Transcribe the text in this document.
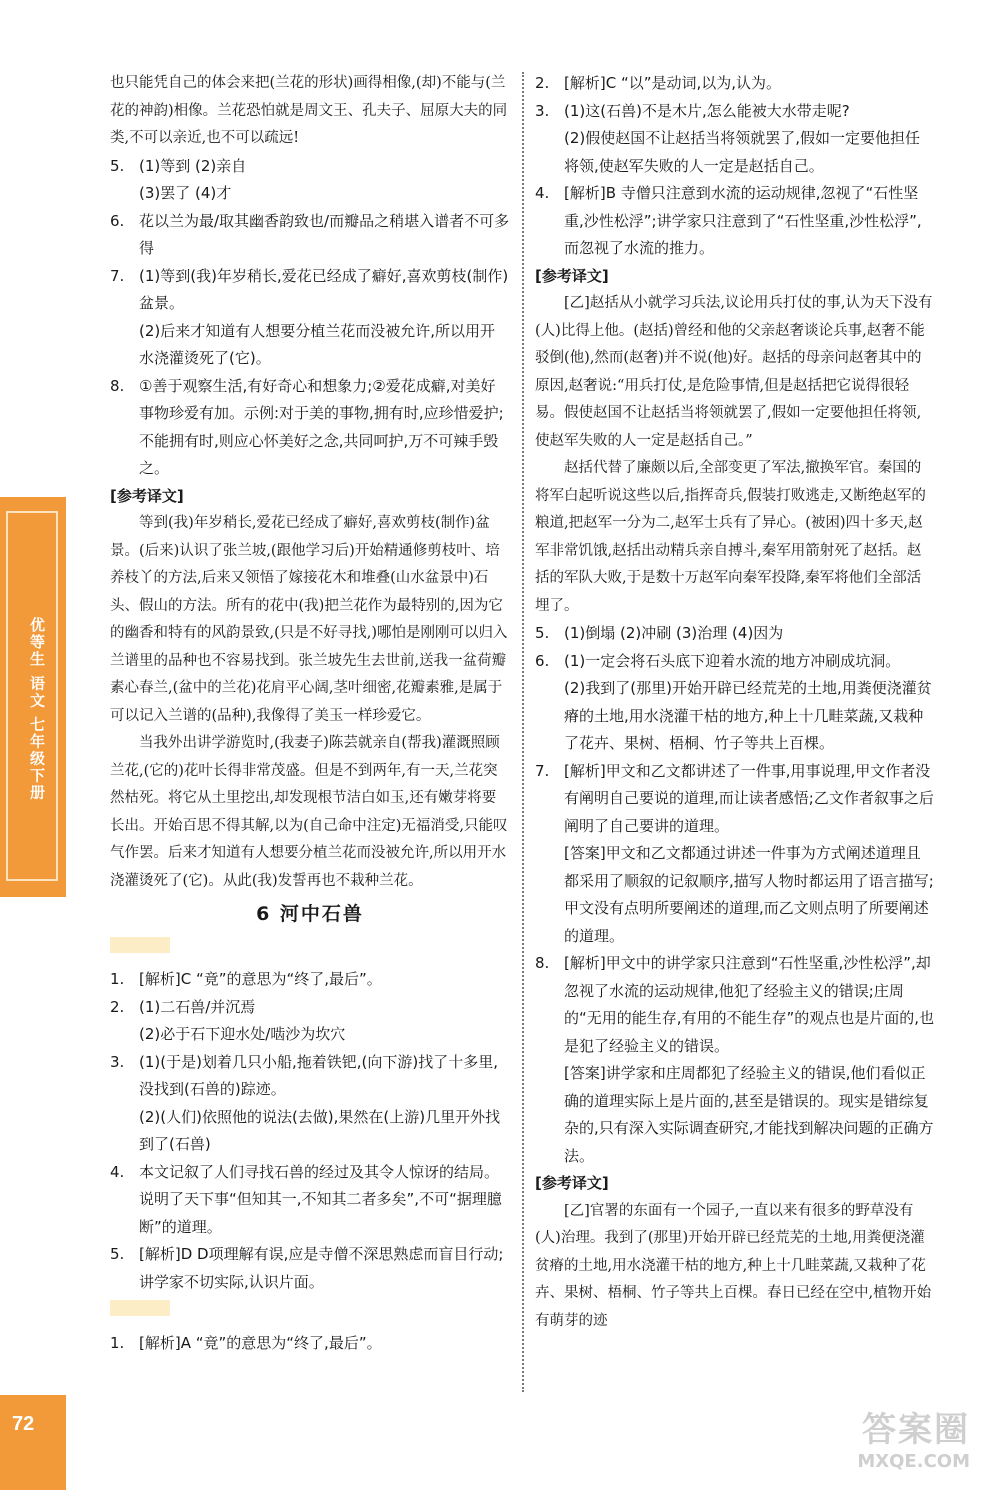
优等生 语文 七年级下册
72

也只能凭自己的体会来把(兰花的形状)画得相像,(却)不能与(兰花的神韵)相像。兰花恐怕就是周文王、孔夫子、屈原大夫的同类,不可以亲近,也不可以疏远!

5. (1)等到 (2)亲自

(3)罢了 (4)才

6. 花以兰为最/取其幽香韵致也/而瓣品之稍堪入谱者不可多得

7. (1)等到(我)年岁稍长,爱花已经成了癖好,喜欢剪枝(制作)盆景。

(2)后来才知道有人想要分植兰花而没被允许,所以用开水浇灌烫死了(它)。

8. ①善于观察生活,有好奇心和想象力;②爱花成癖,对美好事物珍爱有加。示例:对于美的事物,拥有时,应珍惜爱护;不能拥有时,则应心怀美好之念,共同呵护,万不可辣手毁之。

[参考译文]

等到(我)年岁稍长,爱花已经成了癖好,喜欢剪枝(制作)盆景。(后来)认识了张兰坡,(跟他学习后)开始精通修剪枝叶、培养枝丫的方法,后来又领悟了嫁接花木和堆叠(山水盆景中)石头、假山的方法。所有的花中(我)把兰花作为最特别的,因为它的幽香和特有的风韵景致,(只是不好寻找,)哪怕是刚刚可以归入兰谱里的品种也不容易找到。张兰坡先生去世前,送我一盆荷瓣素心春兰,(盆中的兰花)花肩平心阔,茎叶细密,花瓣素雅,是属于可以记入兰谱的(品种),我像得了美玉一样珍爱它。

当我外出讲学游览时,(我妻子)陈芸就亲自(帮我)灌溉照顾兰花,(它的)花叶长得非常茂盛。但是不到两年,有一天,兰花突然枯死。将它从土里挖出,却发现根节洁白如玉,还有嫩芽将要长出。开始百思不得其解,以为(自己命中注定)无福消受,只能叹气作罢。后来才知道有人想要分植兰花而没被允许,所以用开水浇灌烫死了(它)。从此(我)发誓再也不栽种兰花。

6 河中石兽

1. [解析]C “竟”的意思为“终了,最后”。

2. (1)二石兽/并沉焉

(2)必于石下迎水处/啮沙为坎穴

3. (1)(于是)划着几只小船,拖着铁钯,(向下游)找了十多里,没找到(石兽的)踪迹。

(2)(人们)依照他的说法(去做),果然在(上游)几里开外找到了(石兽)

4. 本文记叙了人们寻找石兽的经过及其令人惊讶的结局。说明了天下事“但知其一,不知其二者多矣”,不可“据理臆断”的道理。

5. [解析]D D项理解有误,应是寺僧不深思熟虑而盲目行动;讲学家不切实际,认识片面。

1. [解析]A “竟”的意思为“终了,最后”。

2. [解析]C “以”是动词,以为,认为。

3. (1)这(石兽)不是木片,怎么能被大水带走呢?

(2)假使赵国不让赵括当将领就罢了,假如一定要他担任将领,使赵军失败的人一定是赵括自己。

4. [解析]B 寺僧只注意到水流的运动规律,忽视了“石性坚重,沙性松浮”;讲学家只注意到了“石性坚重,沙性松浮”,而忽视了水流的推力。

[参考译文]

[乙]赵括从小就学习兵法,议论用兵打仗的事,认为天下没有(人)比得上他。(赵括)曾经和他的父亲赵奢谈论兵事,赵奢不能驳倒(他),然而(赵奢)并不说(他)好。赵括的母亲问赵奢其中的原因,赵奢说:“用兵打仗,是危险事情,但是赵括把它说得很轻易。假使赵国不让赵括当将领就罢了,假如一定要他担任将领,使赵军失败的人一定是赵括自己。”

赵括代替了廉颇以后,全部变更了军法,撤换军官。秦国的将军白起听说这些以后,指挥奇兵,假装打败逃走,又断绝赵军的粮道,把赵军一分为二,赵军士兵有了异心。(被困)四十多天,赵军非常饥饿,赵括出动精兵亲自搏斗,秦军用箭射死了赵括。赵括的军队大败,于是数十万赵军向秦军投降,秦军将他们全部活埋了。

5. (1)倒塌 (2)冲刷 (3)治理 (4)因为

6. (1)一定会将石头底下迎着水流的地方冲刷成坑洞。

(2)我到了(那里)开始开辟已经荒芜的土地,用粪便浇灌贫瘠的土地,用水浇灌干枯的地方,种上十几畦菜蔬,又栽种了花卉、果树、梧桐、竹子等共上百棵。

7. [解析]甲文和乙文都讲述了一件事,用事说理,甲文作者没有阐明自己要说的道理,而让读者感悟;乙文作者叙事之后阐明了自己要讲的道理。

[答案]甲文和乙文都通过讲述一件事为方式阐述道理且都采用了顺叙的记叙顺序,描写人物时都运用了语言描写;甲文没有点明所要阐述的道理,而乙文则点明了所要阐述的道理。

8. [解析]甲文中的讲学家只注意到“石性坚重,沙性松浮”,却忽视了水流的运动规律,他犯了经验主义的错误;庄周的“无用的能生存,有用的不能生存”的观点也是片面的,也是犯了经验主义的错误。

[答案]讲学家和庄周都犯了经验主义的错误,他们看似正确的道理实际上是片面的,甚至是错误的。现实是错综复杂的,只有深入实际调查研究,才能找到解决问题的正确方法。

[参考译文]

[乙]官署的东面有一个园子,一直以来有很多的野草没有(人)治理。我到了(那里)开始开辟已经荒芜的土地,用粪便浇灌贫瘠的土地,用水浇灌干枯的地方,种上十几畦菜蔬,又栽种了花卉、果树、梧桐、竹子等共上百棵。春日已经在空中,植物开始有萌芽的迹

答案圈
MXQE.COM
